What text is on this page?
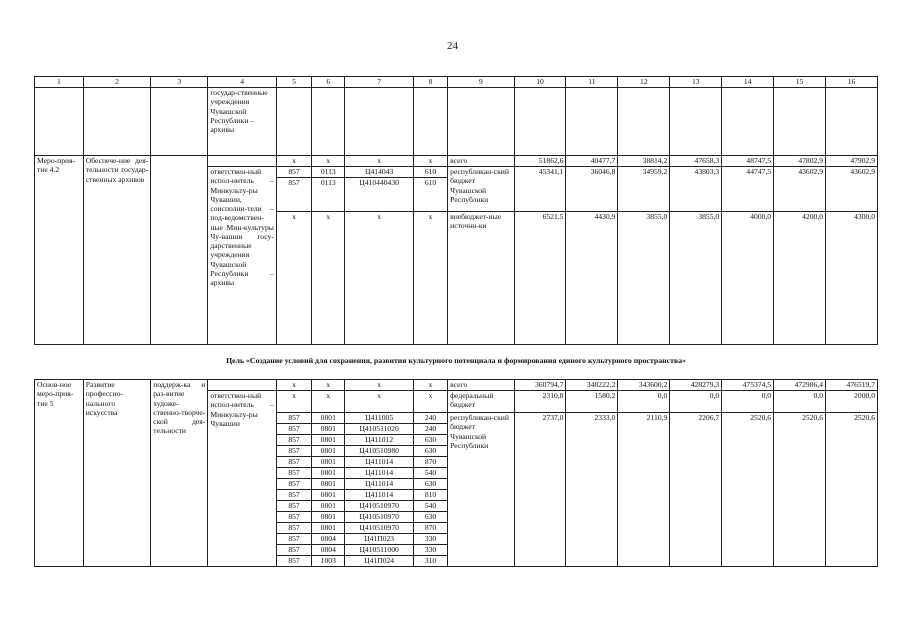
24
1	2	3	4	5	6	7	8	9	10	11	12	13	14	15	16
			государ-ственные учреждения Чувашской Республики – архивы												
Меро-прия-тие 4.2	Обеспече-ние дея-тельности государ-ственных архивов			x	x	x	x	всего	51862,6	40477,7	38814,2	47658,3	48747,5	47802,9	47902,9
			ответствен-ный испол-нитель – Минкульту-ры Чувашии, соисполни-тели – под-ведомствен-ные Мин-культуры Чу-вашии госу-дарственные учреждения Чувашской Республики – архивы	857	0113	Ц414043	610	республикан-ский бюджет Чувашской Республики	45341,1	36046,8	34959,2	43803,3	44747,5	43602,9	43602,9
				857	0113	Ц410440430	610								
				x	x	x	x	внебюджет-ные источни-ки	6521,5	4430,9	3855,0	3855,0	4000,0	4200,0	4300,0
Цель «Создание условий для сохранения, развития культурного потенциала и формирования единого культурного пространства»
Основ-ное меро-прия-тие 5	Развитие профессио-нального искусства	поддерж-ка и раз-витие художе-ственно-творче-ской дея-тельности		x	x	x	x	всего	360794,7	348222,2	343600,2	428279,3	475374,5	472986,4	476519,7
			ответствен-ный испол-нитель – Минкульту-ры Чувашии	x	x	x	x	федеральный бюджет	2310,8	1580,2	0,0	0,0	0,0	0,0	2000,0
				857	0801	Ц411005	240	республикан-ский бюджет Чувашской Республики	2737,0	2333,0	2110,9	2206,7	2520,6	2520,6	2520,6
				857	0801	Ц410511020	240								
				857	0801	Ц411012	630								
				857	0801	Ц410510980	630								
				857	0801	Ц411014	870								
				857	0801	Ц411014	540								
				857	0801	Ц411014	630								
				857	0801	Ц411014	810								
				857	0801	Ц410510970	540								
				857	0801	Ц410510970	630								
				857	0801	Ц410510970	870								
				857	0804	Ц41П023	330								
				857	0804	Ц410511000	330								
				857	1003	Ц41П024	310								
